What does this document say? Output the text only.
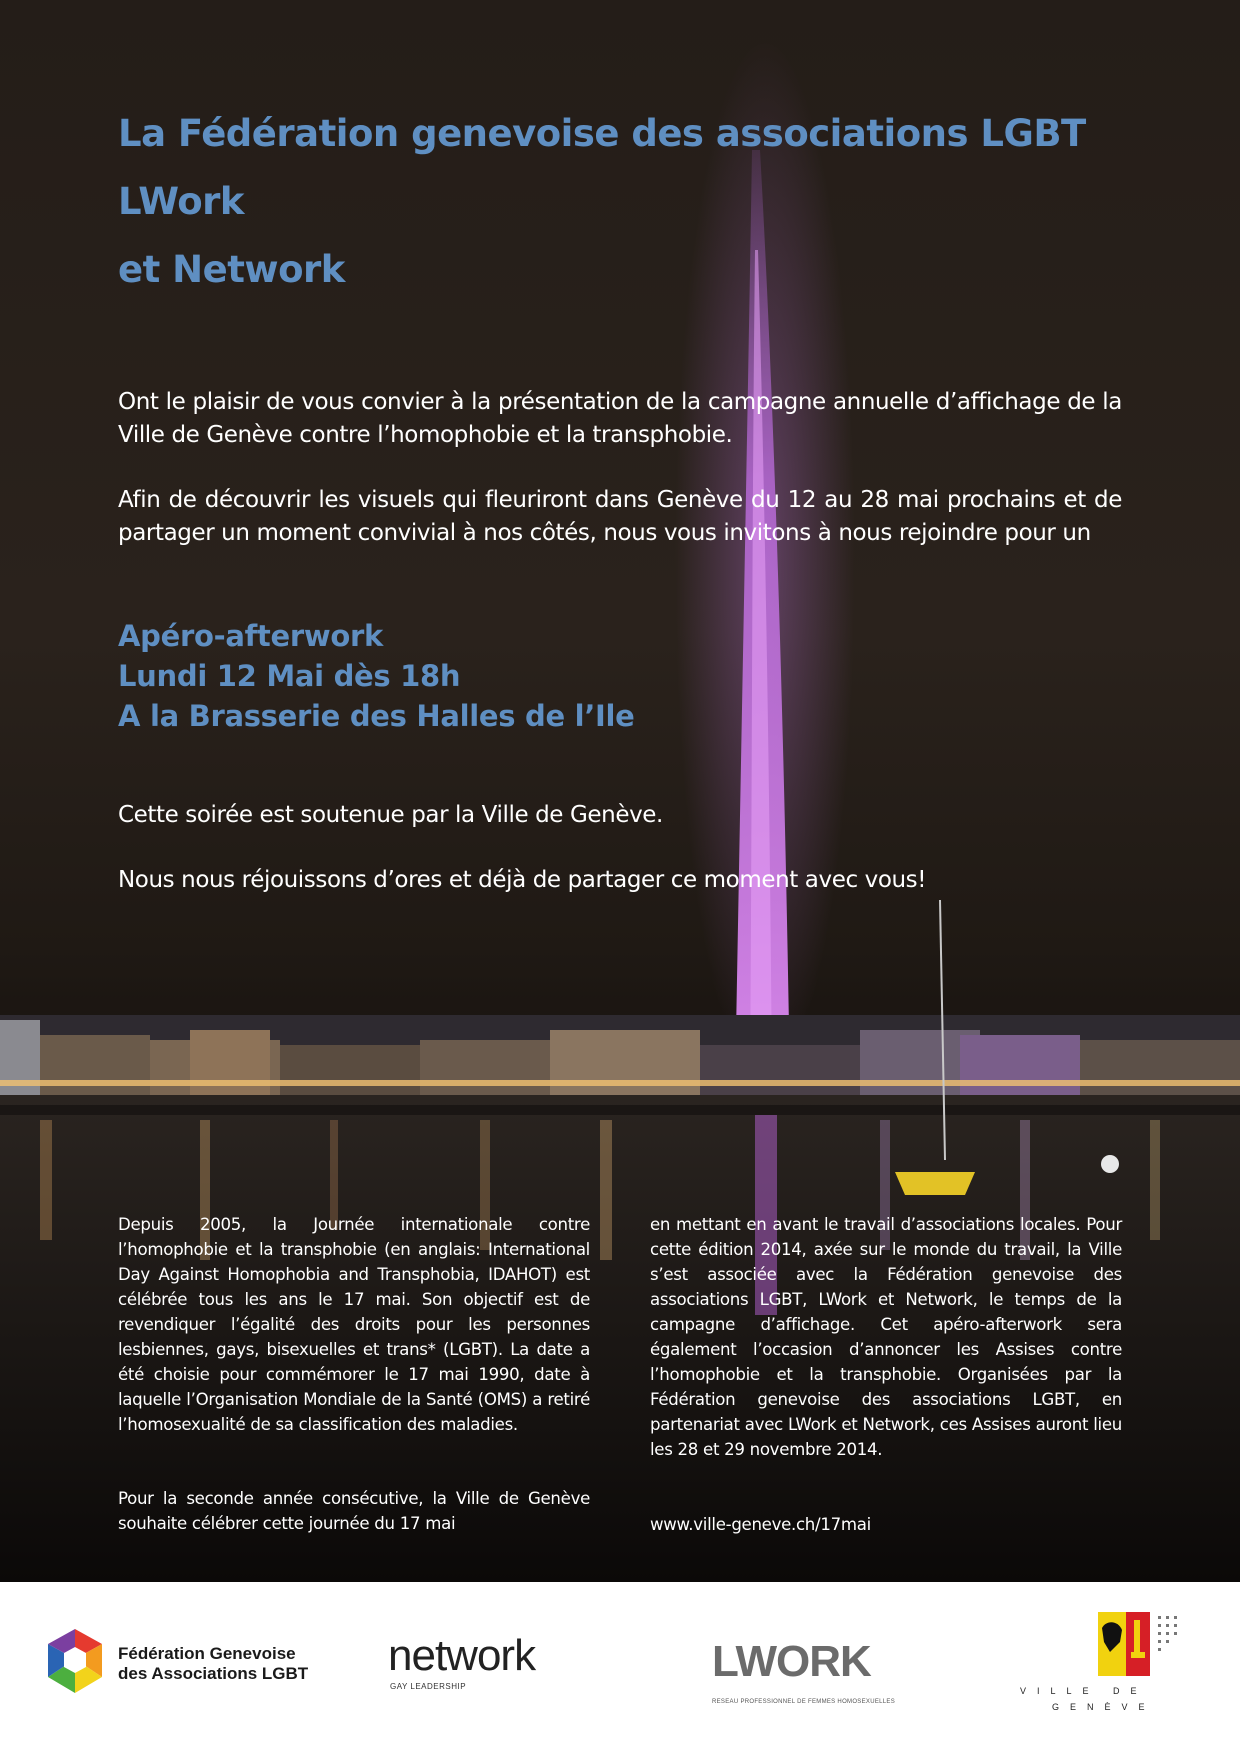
La Fédération genevoise des associations LGBT

LWork

et Network

Ont le plaisir de vous convier à la présentation de la campagne annuelle d’affichage de la Ville de Genève contre l’homophobie et la transphobie.

Afin de découvrir les visuels qui fleuriront dans Genève du 12 au 28 mai prochains et de partager un moment convivial à nos côtés, nous vous invitons à nous rejoindre pour un

Apéro-afterwork

Lundi 12 Mai dès 18h

A la Brasserie des Halles de l’Ile

Cette soirée est soutenue par la Ville de Genève.

Nous nous réjouissons d’ores et déjà de partager ce moment avec vous!

Depuis 2005, la Journée internationale contre l’homophobie et la transphobie (en anglais: International Day Against Homophobia and Transphobia, IDAHOT) est célébrée tous les ans le 17 mai. Son objectif est de revendiquer l’égalité des droits pour les personnes lesbiennes, gays, bisexuelles et trans* (LGBT). La date a été choisie pour commémorer le 17 mai 1990, date à laquelle l’Organisation Mondiale de la Santé (OMS) a retiré l’homosexualité de sa classification des maladies.

Pour la seconde année consécutive, la Ville de Genève souhaite célébrer cette journée du 17 mai

en mettant en avant le travail d’associations locales. Pour cette édition 2014, axée sur le monde du travail, la Ville s’est associée avec la Fédération genevoise des associations LGBT, LWork et Network, le temps de la campagne d’affichage. Cet apéro-afterwork sera également l’occasion d’annoncer les Assises contre l’homophobie et la transphobie. Organisées par la Fédération genevoise des associations LGBT, en partenariat avec LWork et Network, ces Assises auront lieu les 28 et 29 novembre 2014.

www.ville-geneve.ch/17mai

Fédération Genevoise
des Associations LGBT network

GAY LEADERSHIP

LWORK

RESEAU PROFESSIONNEL DE FEMMES HOMOSEXUELLES

VILLE DE

GENÈVE
